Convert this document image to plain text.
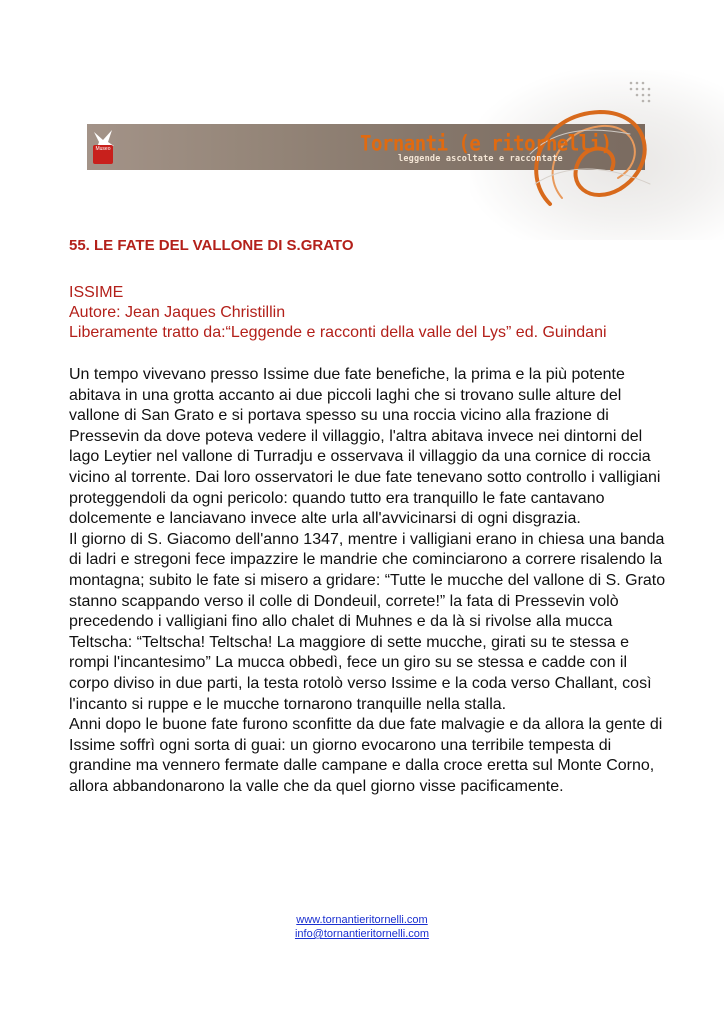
Museo	Tornanti (e ritornelli)
leggende ascoltate e raccontate
55. LE FATE DEL VALLONE DI S.GRATO
ISSIME
Autore: Jean Jaques Christillin
Liberamente tratto da:“Leggende e racconti della valle del Lys” ed. Guindani

Un tempo vivevano presso Issime due fate benefiche, la prima e la più potente abitava in una grotta accanto ai due piccoli laghi che si trovano sulle alture del vallone di San Grato e si portava spesso su una roccia vicino alla frazione di Pressevin da dove poteva vedere il villaggio, l'altra abitava invece nei dintorni del lago Leytier nel vallone di Turradju e osservava il villaggio da una cornice di roccia vicino al torrente. Dai loro osservatori le due fate tenevano sotto controllo i valligiani proteggendoli da ogni pericolo: quando tutto era tranquillo le fate cantavano dolcemente e lanciavano invece alte urla all'avvicinarsi di ogni disgrazia.

Il giorno di S. Giacomo dell'anno 1347, mentre i valligiani erano in chiesa una banda di ladri e stregoni fece impazzire le mandrie che cominciarono a correre risalendo la montagna; subito le fate si misero a gridare: “Tutte le mucche del vallone di S. Grato stanno scappando verso il colle di Dondeuil, correte!” la fata di Pressevin volò precedendo i valligiani fino allo chalet di Muhnes e da là si rivolse alla mucca Teltscha: “Teltscha! Teltscha! La maggiore di sette mucche, girati su te stessa e rompi l'incantesimo” La mucca obbedì, fece un giro su se stessa e cadde con il corpo diviso in due parti, la testa rotolò verso Issime e la coda verso Challant, così l'incanto si ruppe e le mucche tornarono tranquille nella stalla.

Anni dopo le buone fate furono sconfitte da due fate malvagie e da allora la gente di Issime soffrì ogni sorta di guai: un giorno evocarono una terribile tempesta di grandine ma vennero fermate dalle campane e dalla croce eretta sul Monte Corno, allora abbandonarono la valle che da quel giorno visse pacificamente.

www.tornantieritornelli.com
info@tornantieritornelli.com
